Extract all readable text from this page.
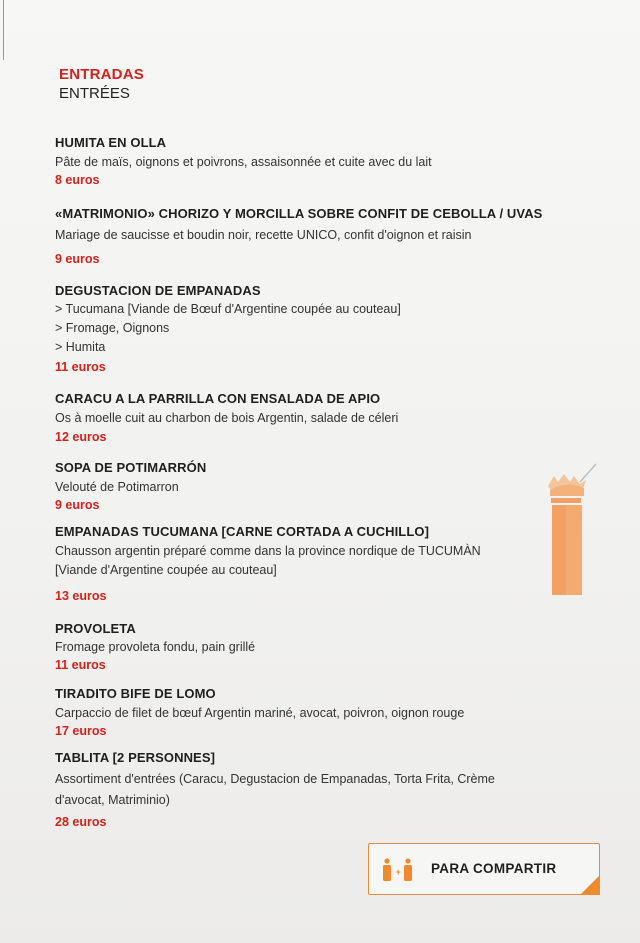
ENTRADAS
ENTRÉES
HUMITA EN OLLA
Pâte de maïs, oignons et poivrons, assaisonnée et cuite avec du lait
8 euros
«MATRIMONIO» CHORIZO Y MORCILLA SOBRE CONFIT DE CEBOLLA / UVAS
Mariage de saucisse et boudin noir, recette UNICO, confit d'oignon et raisin
9 euros
DEGUSTACION DE EMPANADAS
> Tucumana [Viande de Bœuf d'Argentine coupée au couteau]
> Fromage, Oignons
> Humita
11 euros
CARACU A LA PARRILLA CON ENSALADA DE APIO
Os à moelle cuit au charbon de bois Argentin, salade de céleri
12 euros
SOPA DE POTIMARRÓN
Velouté de Potimarron
9 euros
EMPANADAS TUCUMANA [CARNE CORTADA A CUCHILLO]
Chausson argentin préparé comme dans la province nordique de TUCUMÀN
[Viande d'Argentine coupée au couteau]
13 euros
PROVOLETA
Fromage provoleta fondu, pain grillé
11 euros
TIRADITO BIFE DE LOMO
Carpaccio de filet de bœuf Argentin mariné, avocat, poivron, oignon rouge
17 euros
TABLITA [2 PERSONNES]
Assortiment d'entrées (Caracu, Degustacion de Empanadas, Torta Frita, Crème
d'avocat, Matriminio)
28 euros
+ PARA COMPARTIR
